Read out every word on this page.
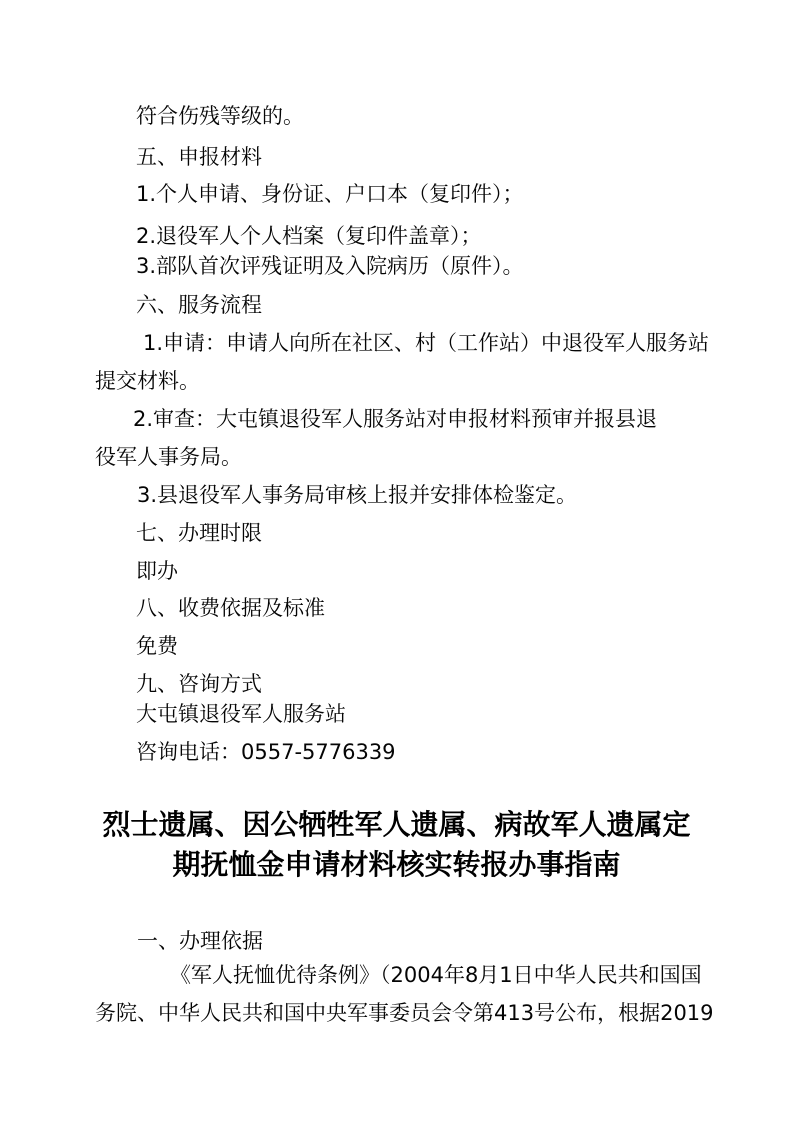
符合伤残等级的。

五、申报材料

1.个人申请、身份证、户口本（复印件）；

2.退役军人个人档案（复印件盖章）；

3.部队首次评残证明及入院病历（原件）。

六、服务流程

1.申请：申请人向所在社区、村（工作站）中退役军人服务站

提交材料。

2.审查：大屯镇退役军人服务站对申报材料预审并报县退

役军人事务局。

3.县退役军人事务局审核上报并安排体检鉴定。

七、办理时限

即办

八、收费依据及标准

免费

九、咨询方式

大屯镇退役军人服务站

咨询电话：0557-5776339

烈士遗属、因公牺牲军人遗属、病故军人遗属定
期抚恤金申请材料核实转报办事指南

一、办理依据

《军人抚恤优待条例》（2004年8月1日中华人民共和国国

务院、中华人民共和国中央军事委员会令第413号公布，根据2019
